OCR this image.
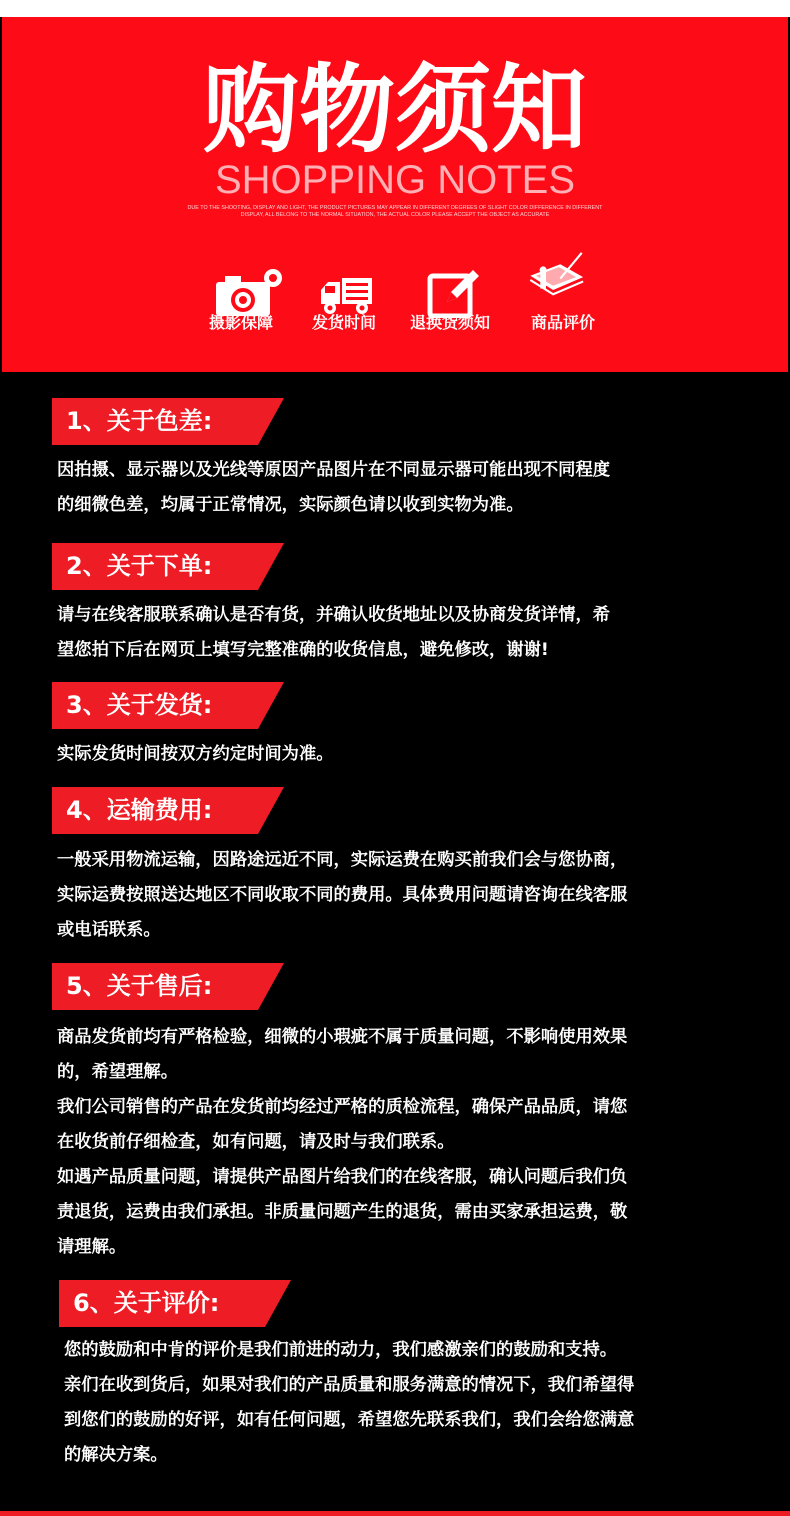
购物须知
SHOPPING NOTES
DUE TO THE SHOOTING, DISPLAY AND LIGHT, THE PRODUCT PICTURES MAY APPEAR IN DIFFERENT DEGREES OF SLIGHT COLOR DIFFERENCE IN DIFFERENT DISPLAY, ALL BELONG TO THE NORMAL SITUATION, THE ACTUAL COLOR PLEASE ACCEPT THE OBJECT AS ACCURATE
摄影保障	发货时间	退换货须知	商品评价
1、关于色差:
因拍摄、显示器以及光线等原因产品图片在不同显示器可能出现不同程度
的细微色差，均属于正常情况，实际颜色请以收到实物为准。
2、关于下单:
请与在线客服联系确认是否有货，并确认收货地址以及协商发货详情，希
望您拍下后在网页上填写完整准确的收货信息，避免修改，谢谢!
3、关于发货:
实际发货时间按双方约定时间为准。
4、运输费用:
一般采用物流运输，因路途远近不同，实际运费在购买前我们会与您协商，
实际运费按照送达地区不同收取不同的费用。具体费用问题请咨询在线客服
或电话联系。
5、关于售后:
商品发货前均有严格检验，细微的小瑕疵不属于质量问题，不影响使用效果
的，希望理解。
我们公司销售的产品在发货前均经过严格的质检流程，确保产品品质，请您
在收货前仔细检查，如有问题，请及时与我们联系。
如遇产品质量问题，请提供产品图片给我们的在线客服，确认问题后我们负
责退货，运费由我们承担。非质量问题产生的退货，需由买家承担运费，敬
请理解。
6、关于评价:
您的鼓励和中肯的评价是我们前进的动力，我们感激亲们的鼓励和支持。
亲们在收到货后，如果对我们的产品质量和服务满意的情况下，我们希望得
到您们的鼓励的好评，如有任何问题，希望您先联系我们，我们会给您满意
的解决方案。
